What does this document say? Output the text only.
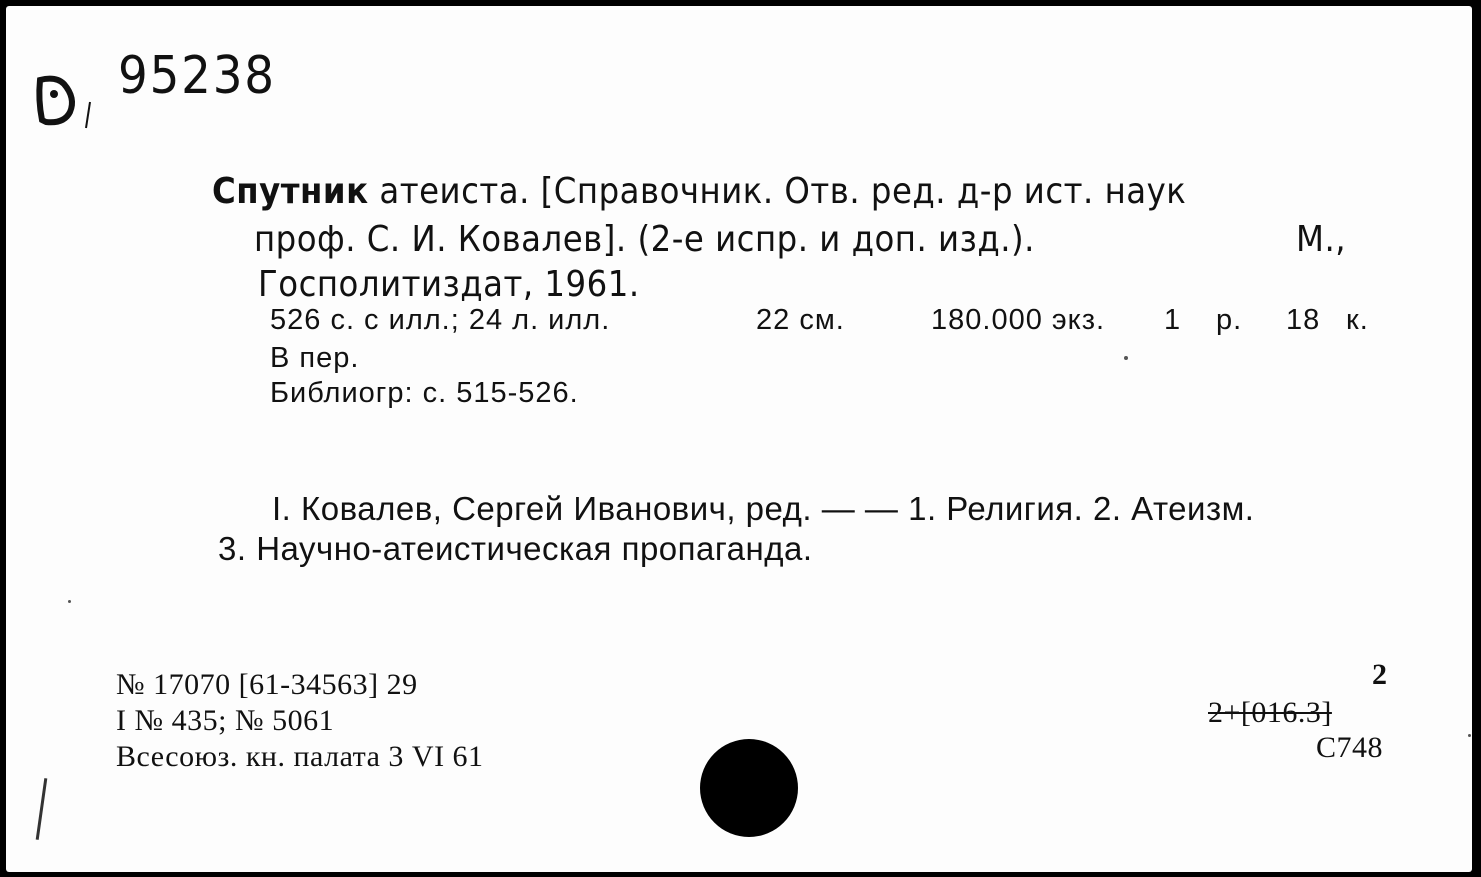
95238
Спутник атеиста. [Справочник. Отв. ред. д-р ист. наук
проф. С. И. Ковалев]. (2-е испр. и доп. изд.).	М.,
Госполитиздат, 1961.
526 с. с илл.; 24 л. илл.	22 см.	180.000 экз. 1 р. 18 к.
В пер.
Библиогр: с. 515-526.
I. Ковалев, Сергей Иванович, ред. — — 1. Религия. 2. Атеизм.
3. Научно-атеистическая пропаганда.
№ 17070 [61-34563] 29
I № 435; № 5061
Всесоюз. кн. палата 3 VI 61
2
2+[016.3]
С748
